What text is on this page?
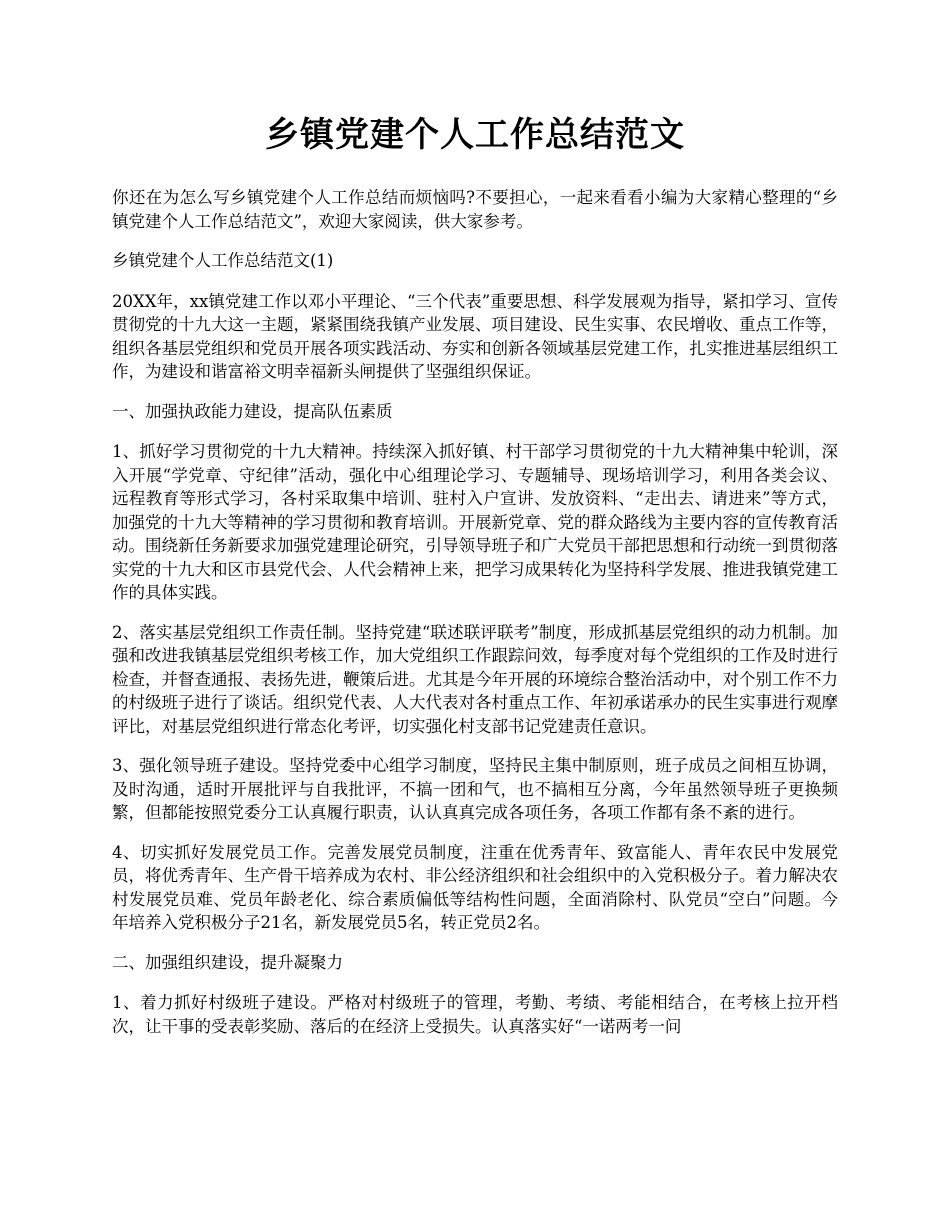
乡镇党建个人工作总结范文

你还在为怎么写乡镇党建个人工作总结而烦恼吗?不要担心，一起来看看小编为大家精心整理的“乡镇党建个人工作总结范文”，欢迎大家阅读，供大家参考。

乡镇党建个人工作总结范文(1)

20XX年，xx镇党建工作以邓小平理论、“三个代表”重要思想、科学发展观为指导，紧扣学习、宣传贯彻党的十九大这一主题，紧紧围绕我镇产业发展、项目建设、民生实事、农民增收、重点工作等，组织各基层党组织和党员开展各项实践活动、夯实和创新各领域基层党建工作，扎实推进基层组织工作，为建设和谐富裕文明幸福新头闸提供了坚强组织保证。

一、加强执政能力建设，提高队伍素质

1、抓好学习贯彻党的十九大精神。持续深入抓好镇、村干部学习贯彻党的十九大精神集中轮训，深入开展“学党章、守纪律”活动，强化中心组理论学习、专题辅导、现场培训学习，利用各类会议、远程教育等形式学习，各村采取集中培训、驻村入户宣讲、发放资料、“走出去、请进来”等方式，加强党的十九大等精神的学习贯彻和教育培训。开展新党章、党的群众路线为主要内容的宣传教育活动。围绕新任务新要求加强党建理论研究，引导领导班子和广大党员干部把思想和行动统一到贯彻落实党的十九大和区市县党代会、人代会精神上来，把学习成果转化为坚持科学发展、推进我镇党建工作的具体实践。

2、落实基层党组织工作责任制。坚持党建“联述联评联考”制度，形成抓基层党组织的动力机制。加强和改进我镇基层党组织考核工作，加大党组织工作跟踪问效，每季度对每个党组织的工作及时进行检查，并督查通报、表扬先进，鞭策后进。尤其是今年开展的环境综合整治活动中，对个别工作不力的村级班子进行了谈话。组织党代表、人大代表对各村重点工作、年初承诺承办的民生实事进行观摩评比，对基层党组织进行常态化考评，切实强化村支部书记党建责任意识。

3、强化领导班子建设。坚持党委中心组学习制度，坚持民主集中制原则，班子成员之间相互协调，及时沟通，适时开展批评与自我批评，不搞一团和气，也不搞相互分离，今年虽然领导班子更换频繁，但都能按照党委分工认真履行职责，认认真真完成各项任务，各项工作都有条不紊的进行。

4、切实抓好发展党员工作。完善发展党员制度，注重在优秀青年、致富能人、青年农民中发展党员，将优秀青年、生产骨干培养成为农村、非公经济组织和社会组织中的入党积极分子。着力解决农村发展党员难、党员年龄老化、综合素质偏低等结构性问题，全面消除村、队党员“空白”问题。今年培养入党积极分子21名，新发展党员5名，转正党员2名。

二、加强组织建设，提升凝聚力

1、着力抓好村级班子建设。严格对村级班子的管理，考勤、考绩、考能相结合，在考核上拉开档次，让干事的受表彰奖励、落后的在经济上受损失。认真落实好“一诺两考一问
